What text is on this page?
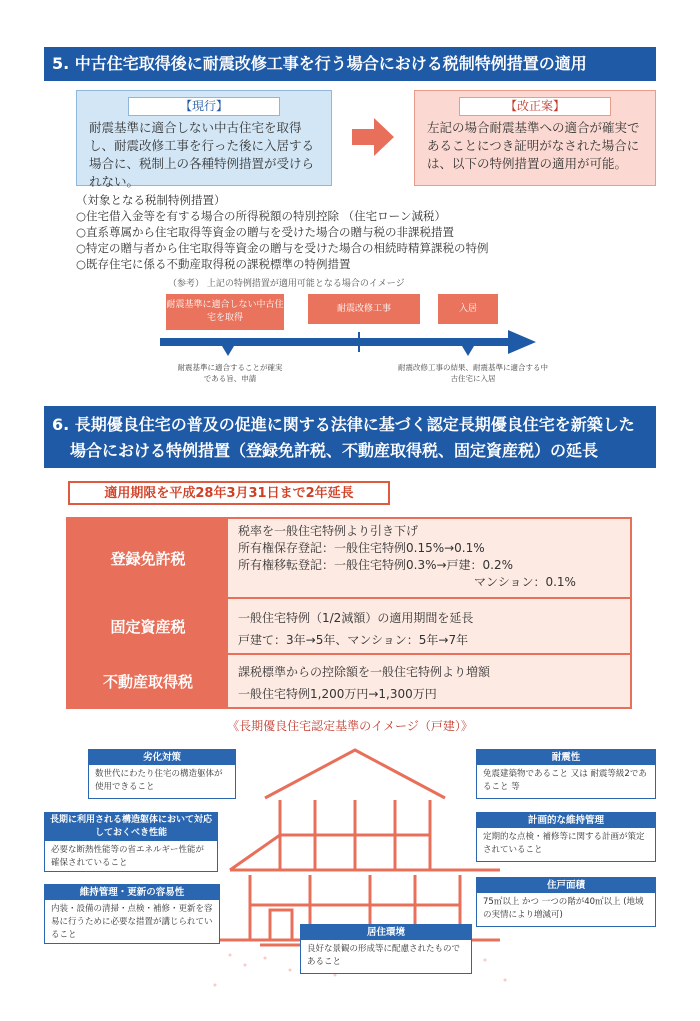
5. 中古住宅取得後に耐震改修工事を行う場合における税制特例措置の適用
【現行】
耐震基準に適合しない中古住宅を取得し、耐震改修工事を行った後に入居する場合に、税制上の各種特例措置が受けられない。
【改正案】
左記の場合耐震基準への適合が確実であることにつき証明がなされた場合には、以下の特例措置の適用が可能。
（対象となる税制特例措置）
○住宅借入金等を有する場合の所得税額の特別控除 （住宅ローン減税）
○直系尊属から住宅取得等資金の贈与を受けた場合の贈与税の非課税措置
○特定の贈与者から住宅取得等資金の贈与を受けた場合の相続時精算課税の特例
○既存住宅に係る不動産取得税の課税標準の特例措置
（参考） 上記の特例措置が適用可能となる場合のイメージ
耐震基準に適合しない中古住宅を取得
耐震改修工事	入居
耐震基準に適合することが確実である旨、申請
耐震改修工事の結果、耐震基準に適合する中古住宅に入居
6. 長期優良住宅の普及の促進に関する法律に基づく認定長期優良住宅を新築した
場合における特例措置（登録免許税、不動産取得税、固定資産税）の延長
適用期限を平成28年3月31日まで2年延長
登録免許税
税率を一般住宅特例より引き下げ
所有権保存登記：一般住宅特例0.15%→0.1%
所有権移転登記：一般住宅特例0.3%→戸建：0.2%
マンション：0.1%
固定資産税	一般住宅特例（1/2減額）の適用期間を延長
戸建て：3年→5年、マンション：5年→7年
不動産取得税
課税標準からの控除額を一般住宅特例より増額
一般住宅特例1,200万円→1,300万円
《長期優良住宅認定基準のイメージ（戸建）》
劣化対策
数世代にわたり住宅の構造躯体が使用できること
長期に利用される構造躯体において対応しておくべき性能
必要な断熱性能等の省エネルギー性能が確保されていること
維持管理・更新の容易性
内装・設備の清掃・点検・補修・更新を容易に行うために必要な措置が講じられていること	居住環境
良好な景観の形成等に配慮されたものであること
耐震性
免震建築物であること 又は 耐震等級2であること 等
計画的な維持管理
定期的な点検・補修等に関する計画が策定されていること
住戸面積
75㎡以上 かつ 一つの階が40㎡以上 (地域の実情により増減可)
